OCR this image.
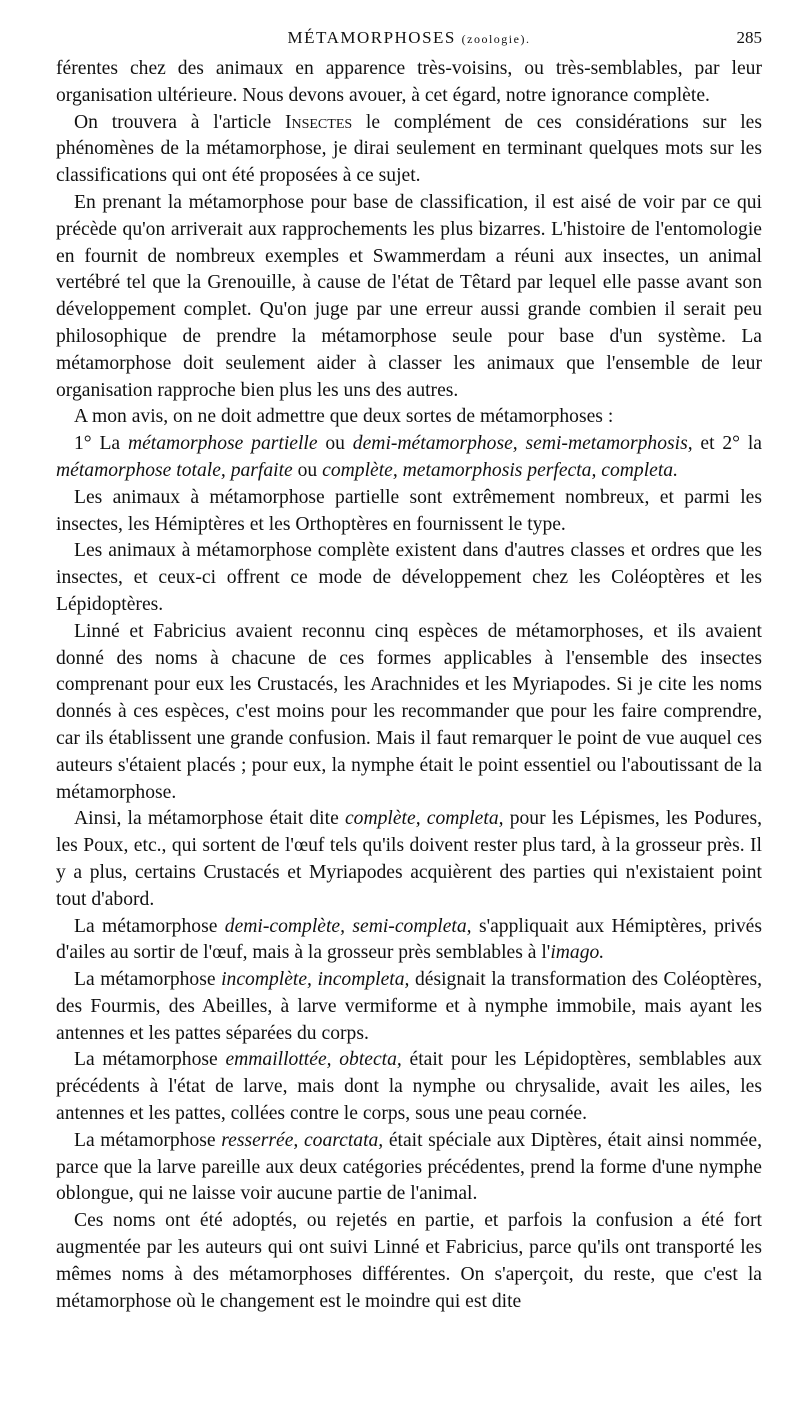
MÉTAMORPHOSES (zoologie).	285

férentes chez des animaux en apparence très-voisins, ou très-semblables, par leur organisation ultérieure. Nous devons avouer, à cet égard, notre ignorance complète.

On trouvera à l'article Insectes le complément de ces considérations sur les phénomènes de la métamorphose, je dirai seulement en terminant quelques mots sur les classifications qui ont été proposées à ce sujet.

En prenant la métamorphose pour base de classification, il est aisé de voir par ce qui précède qu'on arriverait aux rapprochements les plus bizarres. L'histoire de l'entomologie en fournit de nombreux exemples et Swammerdam a réuni aux insectes, un animal vertébré tel que la Grenouille, à cause de l'état de Têtard par lequel elle passe avant son développement complet. Qu'on juge par une erreur aussi grande combien il serait peu philosophique de prendre la métamorphose seule pour base d'un système. La métamorphose doit seulement aider à classer les animaux que l'ensemble de leur organisation rapproche bien plus les uns des autres.

A mon avis, on ne doit admettre que deux sortes de métamorphoses :

1° La métamorphose partielle ou demi-métamorphose, semi-metamorphosis, et 2° la métamorphose totale, parfaite ou complète, metamorphosis perfecta, completa.

Les animaux à métamorphose partielle sont extrêmement nombreux, et parmi les insectes, les Hémiptères et les Orthoptères en fournissent le type.

Les animaux à métamorphose complète existent dans d'autres classes et ordres que les insectes, et ceux-ci offrent ce mode de développement chez les Coléoptères et les Lépidoptères.

Linné et Fabricius avaient reconnu cinq espèces de métamorphoses, et ils avaient donné des noms à chacune de ces formes applicables à l'ensemble des insectes comprenant pour eux les Crustacés, les Arachnides et les Myriapodes. Si je cite les noms donnés à ces espèces, c'est moins pour les recommander que pour les faire comprendre, car ils établissent une grande confusion. Mais il faut remarquer le point de vue auquel ces auteurs s'étaient placés ; pour eux, la nymphe était le point essentiel ou l'aboutissant de la métamorphose.

Ainsi, la métamorphose était dite complète, completa, pour les Lépismes, les Podures, les Poux, etc., qui sortent de l'œuf tels qu'ils doivent rester plus tard, à la grosseur près. Il y a plus, certains Crustacés et Myriapodes acquièrent des parties qui n'existaient point tout d'abord.

La métamorphose demi-complète, semi-completa, s'appliquait aux Hémiptères, privés d'ailes au sortir de l'œuf, mais à la grosseur près semblables à l'imago.

La métamorphose incomplète, incompleta, désignait la transformation des Coléoptères, des Fourmis, des Abeilles, à larve vermiforme et à nymphe immobile, mais ayant les antennes et les pattes séparées du corps.

La métamorphose emmaillottée, obtecta, était pour les Lépidoptères, semblables aux précédents à l'état de larve, mais dont la nymphe ou chrysalide, avait les ailes, les antennes et les pattes, collées contre le corps, sous une peau cornée.

La métamorphose resserrée, coarctata, était spéciale aux Diptères, était ainsi nommée, parce que la larve pareille aux deux catégories précédentes, prend la forme d'une nymphe oblongue, qui ne laisse voir aucune partie de l'animal.

Ces noms ont été adoptés, ou rejetés en partie, et parfois la confusion a été fort augmentée par les auteurs qui ont suivi Linné et Fabricius, parce qu'ils ont transporté les mêmes noms à des métamorphoses différentes. On s'aperçoit, du reste, que c'est la métamorphose où le changement est le moindre qui est dite
